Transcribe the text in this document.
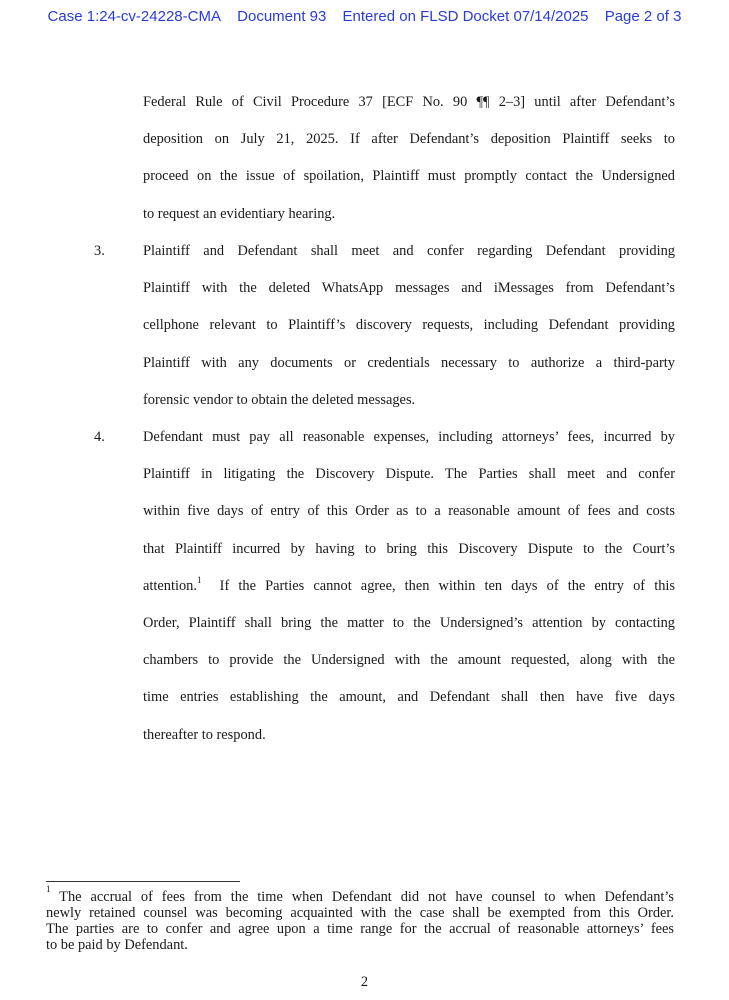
Case 1:24-cv-24228-CMA Document 93 Entered on FLSD Docket 07/14/2025 Page 2 of 3
Federal Rule of Civil Procedure 37 [ECF No. 90 ¶¶ 2–3] until after Defendant’s
deposition on July 21, 2025. If after Defendant’s deposition Plaintiff seeks to
proceed on the issue of spoilation, Plaintiff must promptly contact the Undersigned
to request an evidentiary hearing.
3.	Plaintiff and Defendant shall meet and confer regarding Defendant providing
Plaintiff with the deleted WhatsApp messages and iMessages from Defendant’s
cellphone relevant to Plaintiff’s discovery requests, including Defendant providing
Plaintiff with any documents or credentials necessary to authorize a third-party
forensic vendor to obtain the deleted messages.
4.	Defendant must pay all reasonable expenses, including attorneys’ fees, incurred by
Plaintiff in litigating the Discovery Dispute. The Parties shall meet and confer
within five days of entry of this Order as to a reasonable amount of fees and costs
that Plaintiff incurred by having to bring this Discovery Dispute to the Court’s
attention.$^1$  If the Parties cannot agree, then within ten days of the entry of this
Order, Plaintiff shall bring the matter to the Undersigned’s attention by contacting
chambers to provide the Undersigned with the amount requested, along with the
time entries establishing the amount, and Defendant shall then have five days
thereafter to respond.
$^1$ The accrual of fees from the time when Defendant did not have counsel to when Defendant’s
newly retained counsel was becoming acquainted with the case shall be exempted from this Order.
The parties are to confer and agree upon a time range for the accrual of reasonable attorneys’ fees
to be paid by Defendant.
2
